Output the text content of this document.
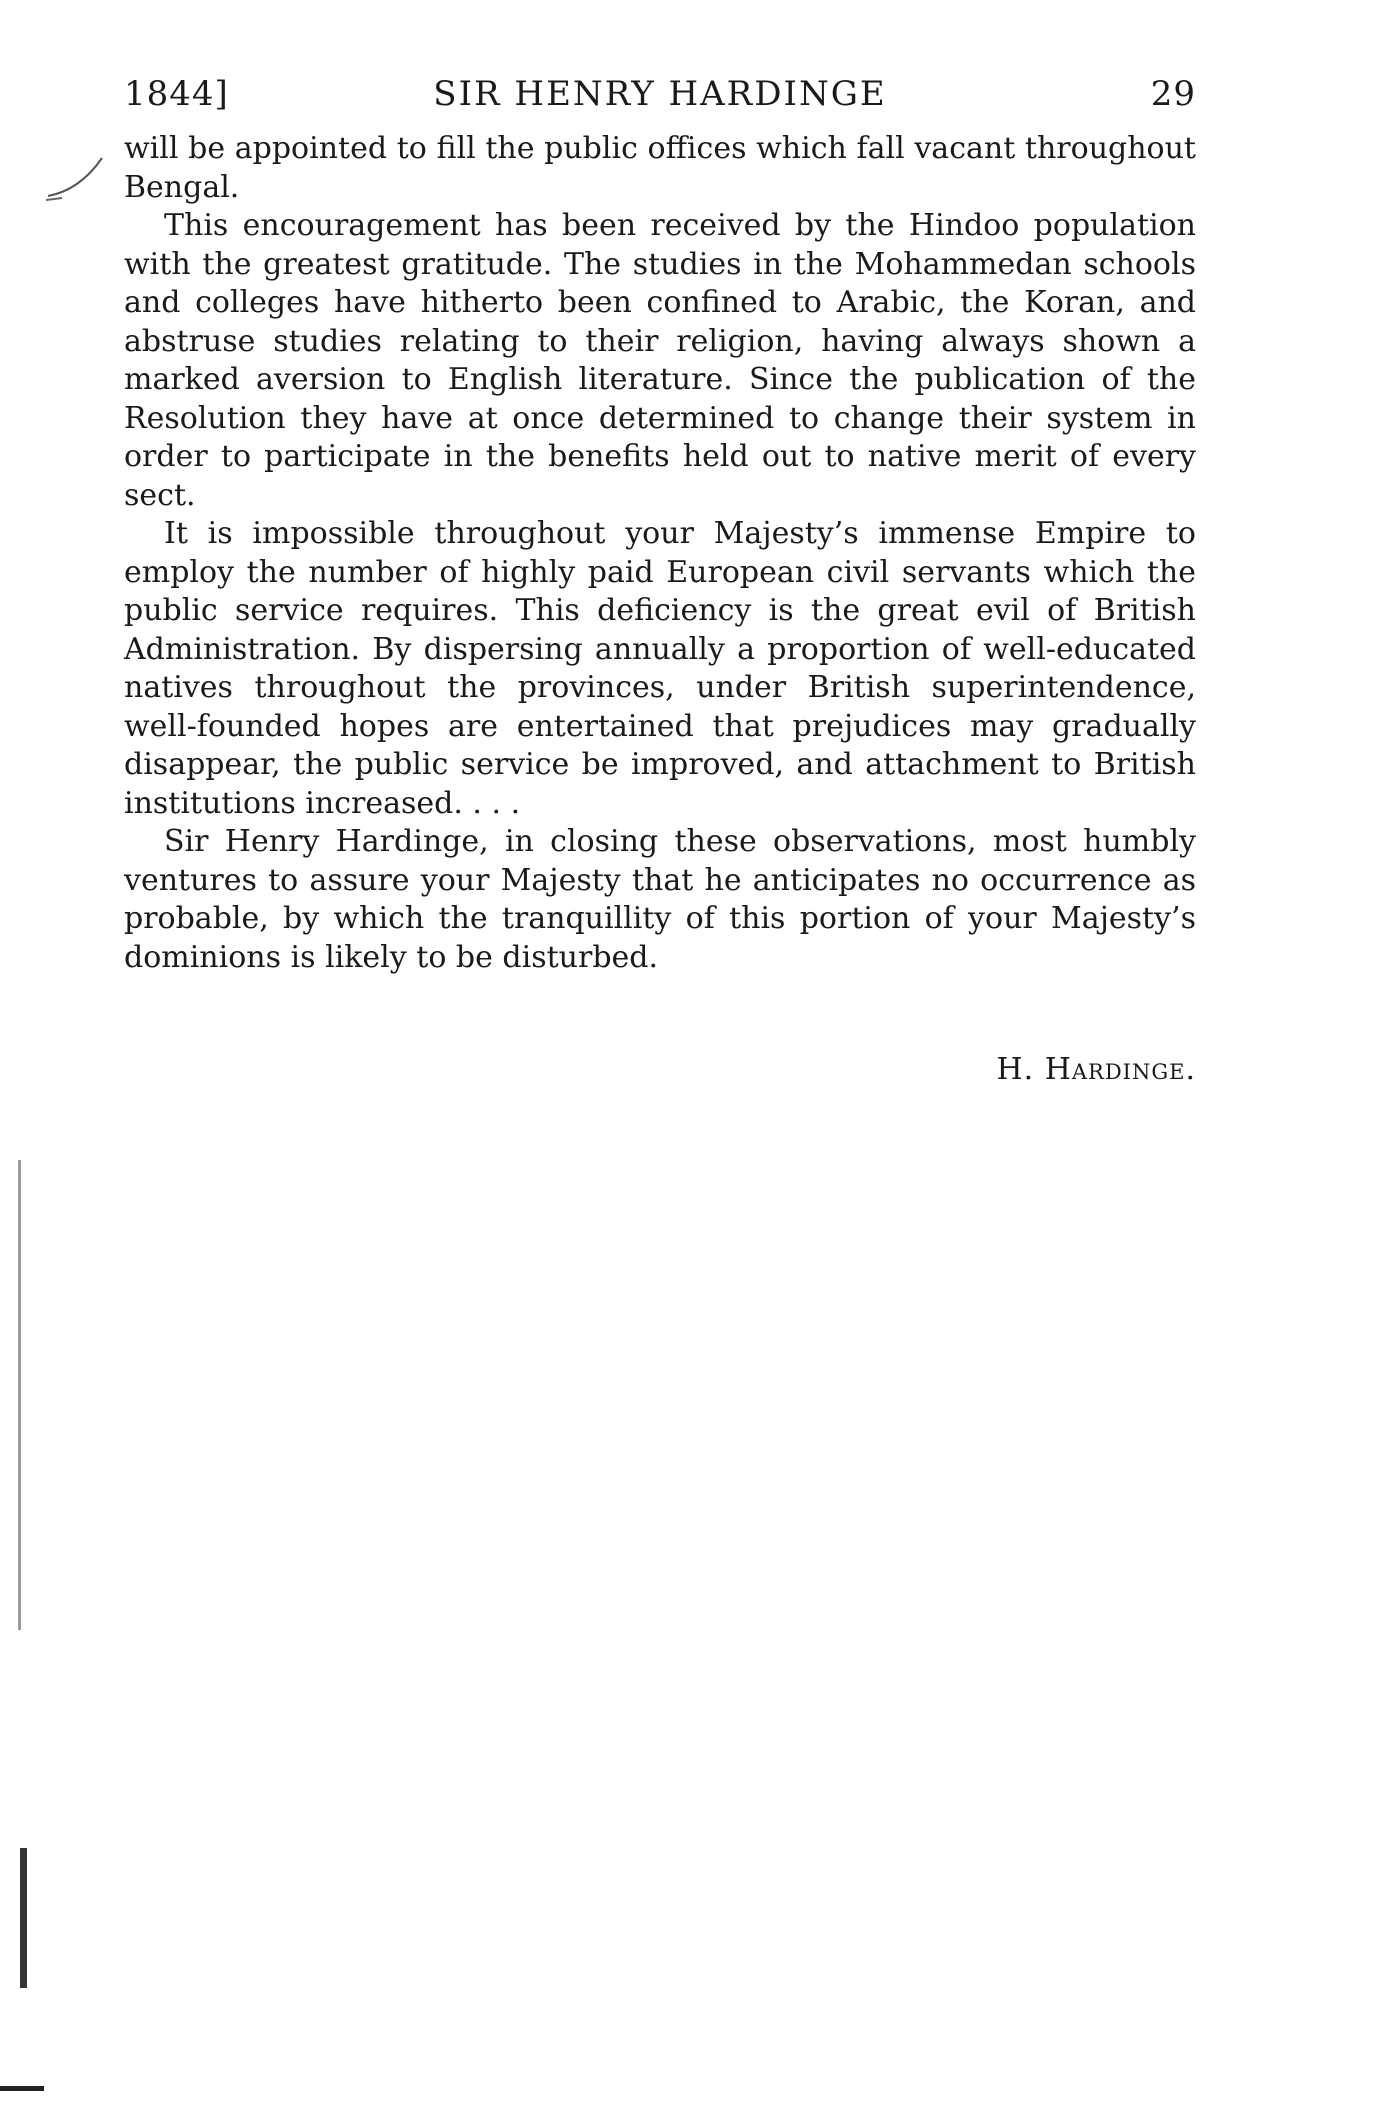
1844]	SIR HENRY HARDINGE	29

will be appointed to fill the public offices which fall vacant throughout Bengal.

This encouragement has been received by the Hindoo population with the greatest gratitude. The studies in the Mohammedan schools and colleges have hitherto been confined to Arabic, the Koran, and abstruse studies relating to their religion, having always shown a marked aversion to English literature. Since the publication of the Resolution they have at once determined to change their system in order to participate in the benefits held out to native merit of every sect.

It is impossible throughout your Majesty’s immense Empire to employ the number of highly paid European civil servants which the public service requires. This deficiency is the great evil of British Administration. By dispersing annually a proportion of well-educated natives throughout the provinces, under British superintendence, well-founded hopes are entertained that prejudices may gradually disappear, the public service be improved, and attachment to British institutions increased. . . .

Sir Henry Hardinge, in closing these observations, most humbly ventures to assure your Majesty that he anticipates no occurrence as probable, by which the tranquillity of this portion of your Majesty’s dominions is likely to be disturbed.

H. Hardinge.
